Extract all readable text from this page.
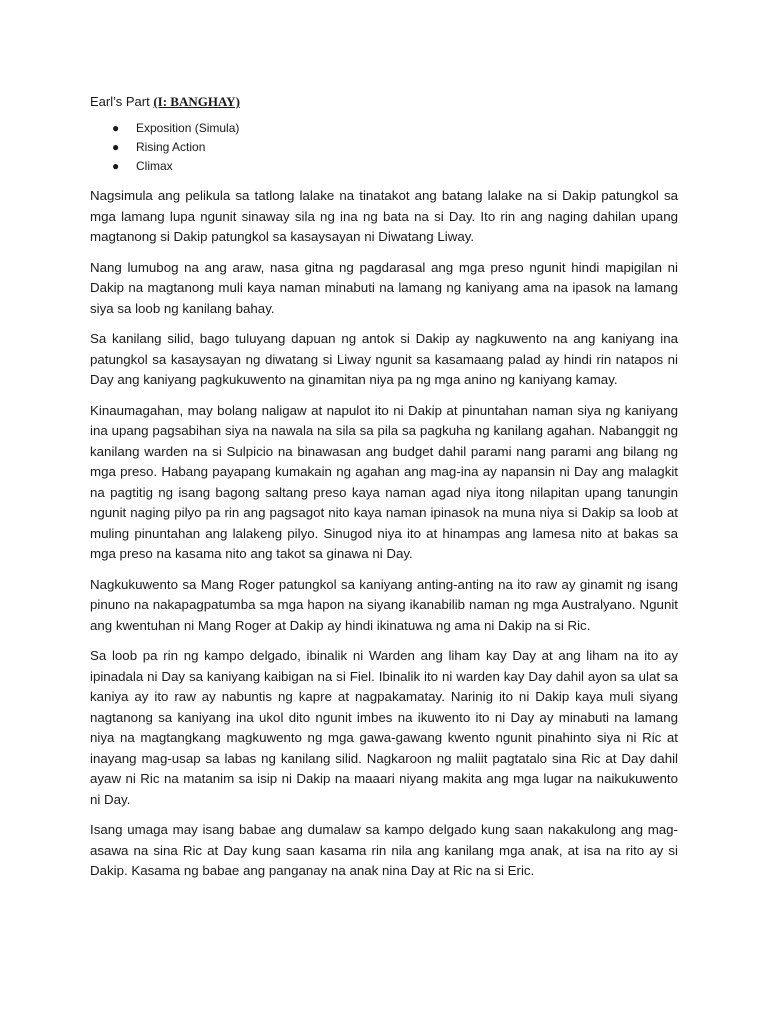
Earl’s Part (I: BANGHAY)
● Exposition (Simula)
● Rising Action
● Climax

Nagsimula ang pelikula sa tatlong lalake na tinatakot ang batang lalake na si Dakip patungkol sa mga lamang lupa ngunit sinaway sila ng ina ng bata na si Day. Ito rin ang naging dahilan upang magtanong si Dakip patungkol sa kasaysayan ni Diwatang Liway.

Nang lumubog na ang araw, nasa gitna ng pagdarasal ang mga preso ngunit hindi mapigilan ni Dakip na magtanong muli kaya naman minabuti na lamang ng kaniyang ama na ipasok na lamang siya sa loob ng kanilang bahay.

Sa kanilang silid, bago tuluyang dapuan ng antok si Dakip ay nagkuwento na ang kaniyang ina patungkol sa kasaysayan ng diwatang si Liway ngunit sa kasamaang palad ay hindi rin natapos ni Day ang kaniyang pagkukuwento na ginamitan niya pa ng mga anino ng kaniyang kamay.

Kinaumagahan, may bolang naligaw at napulot ito ni Dakip at pinuntahan naman siya ng kaniyang ina upang pagsabihan siya na nawala na sila sa pila sa pagkuha ng kanilang agahan. Nabanggit ng kanilang warden na si Sulpicio na binawasan ang budget dahil parami nang parami ang bilang ng mga preso. Habang payapang kumakain ng agahan ang mag-ina ay napansin ni Day ang malagkit na pagtitig ng isang bagong saltang preso kaya naman agad niya itong nilapitan upang tanungin ngunit naging pilyo pa rin ang pagsagot nito kaya naman ipinasok na muna niya si Dakip sa loob at muling pinuntahan ang lalakeng pilyo. Sinugod niya ito at hinampas ang lamesa nito at bakas sa mga preso na kasama nito ang takot sa ginawa ni Day.

Nagkukuwento sa Mang Roger patungkol sa kaniyang anting-anting na ito raw ay ginamit ng isang pinuno na nakapagpatumba sa mga hapon na siyang ikanabilib naman ng mga Australyano. Ngunit ang kwentuhan ni Mang Roger at Dakip ay hindi ikinatuwa ng ama ni Dakip na si Ric.

Sa loob pa rin ng kampo delgado, ibinalik ni Warden ang liham kay Day at ang liham na ito ay ipinadala ni Day sa kaniyang kaibigan na si Fiel. Ibinalik ito ni warden kay Day dahil ayon sa ulat sa kaniya ay ito raw ay nabuntis ng kapre at nagpakamatay. Narinig ito ni Dakip kaya muli siyang nagtanong sa kaniyang ina ukol dito ngunit imbes na ikuwento ito ni Day ay minabuti na lamang niya na magtangkang magkuwento ng mga gawa-gawang kwento ngunit pinahinto siya ni Ric at inayang mag-usap sa labas ng kanilang silid. Nagkaroon ng maliit pagtatalo sina Ric at Day dahil ayaw ni Ric na matanim sa isip ni Dakip na maaari niyang makita ang mga lugar na naikukuwento ni Day.

Isang umaga may isang babae ang dumalaw sa kampo delgado kung saan nakakulong ang mag-asawa na sina Ric at Day kung saan kasama rin nila ang kanilang mga anak, at isa na rito ay si Dakip. Kasama ng babae ang panganay na anak nina Day at Ric na si Eric.
